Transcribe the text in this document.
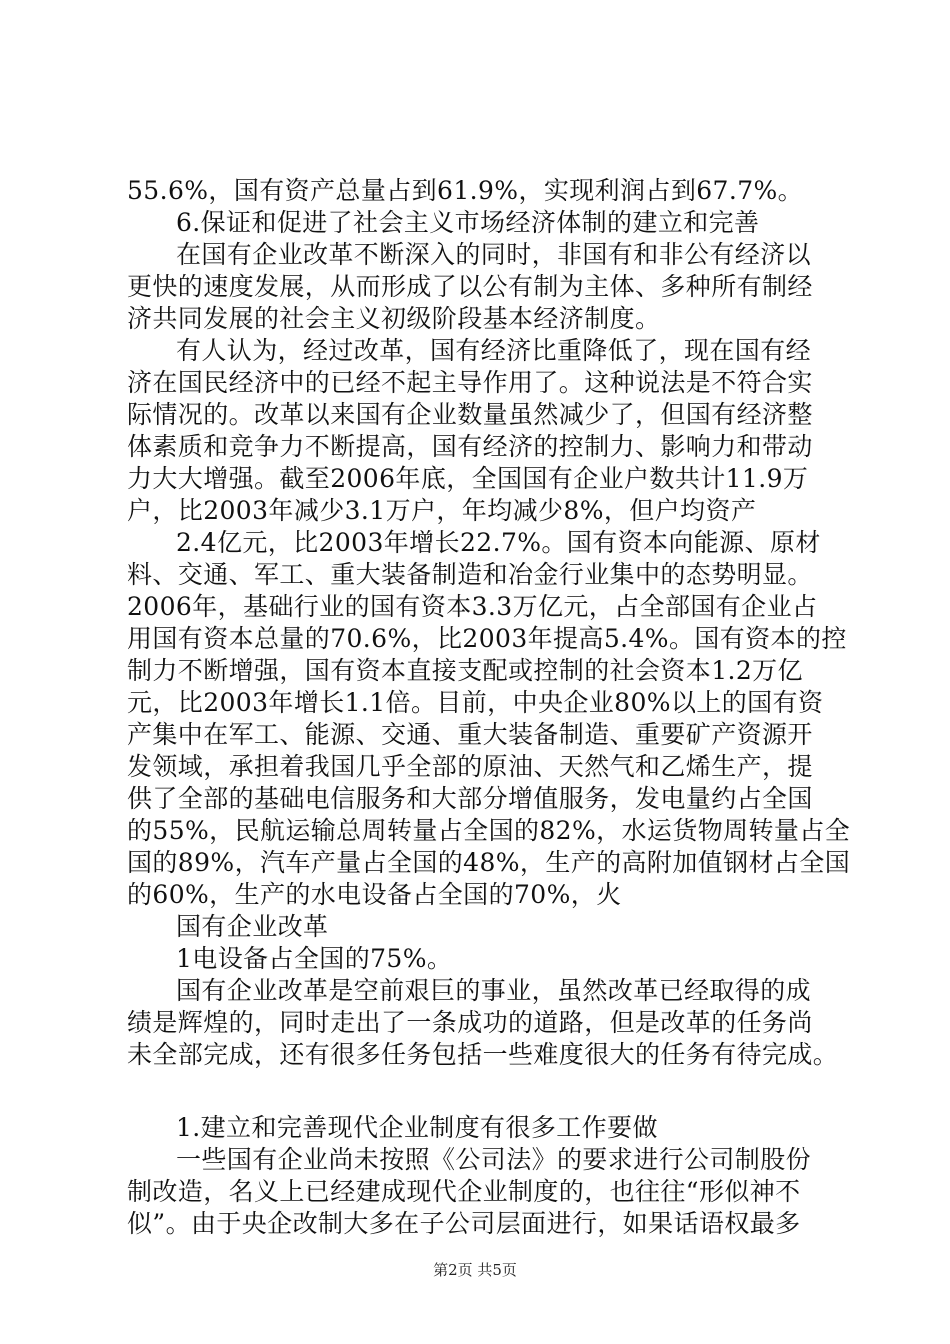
55.6%，国有资产总量占到61.9%，实现利润占到67.7%。
6.保证和促进了社会主义市场经济体制的建立和完善
在国有企业改革不断深入的同时，非国有和非公有经济以
更快的速度发展，从而形成了以公有制为主体、多种所有制经
济共同发展的社会主义初级阶段基本经济制度。
有人认为，经过改革，国有经济比重降低了，现在国有经
济在国民经济中的已经不起主导作用了。这种说法是不符合实
际情况的。改革以来国有企业数量虽然减少了，但国有经济整
体素质和竞争力不断提高，国有经济的控制力、影响力和带动
力大大增强。截至2006年底，全国国有企业户数共计11.9万
户，比2003年减少3.1万户，年均减少8%，但户均资产
2.4亿元，比2003年增长22.7%。国有资本向能源、原材
料、交通、军工、重大装备制造和冶金行业集中的态势明显。
2006年，基础行业的国有资本3.3万亿元，占全部国有企业占
用国有资本总量的70.6%，比2003年提高5.4%。国有资本的控
制力不断增强，国有资本直接支配或控制的社会资本1.2万亿
元，比2003年增长1.1倍。目前，中央企业80%以上的国有资
产集中在军工、能源、交通、重大装备制造、重要矿产资源开
发领域，承担着我国几乎全部的原油、天然气和乙烯生产，提
供了全部的基础电信服务和大部分增值服务，发电量约占全国
的55%，民航运输总周转量占全国的82%，水运货物周转量占全
国的89%，汽车产量占全国的48%，生产的高附加值钢材占全国
的60%，生产的水电设备占全国的70%，火
国有企业改革
1电设备占全国的75%。
国有企业改革是空前艰巨的事业，虽然改革已经取得的成
绩是辉煌的，同时走出了一条成功的道路，但是改革的任务尚
未全部完成，还有很多任务包括一些难度很大的任务有待完成。
1.建立和完善现代企业制度有很多工作要做
一些国有企业尚未按照《公司法》的要求进行公司制股份
制改造，名义上已经建成现代企业制度的，也往往“形似神不
似”。由于央企改制大多在子公司层面进行，如果话语权最多
第2页 共5页
